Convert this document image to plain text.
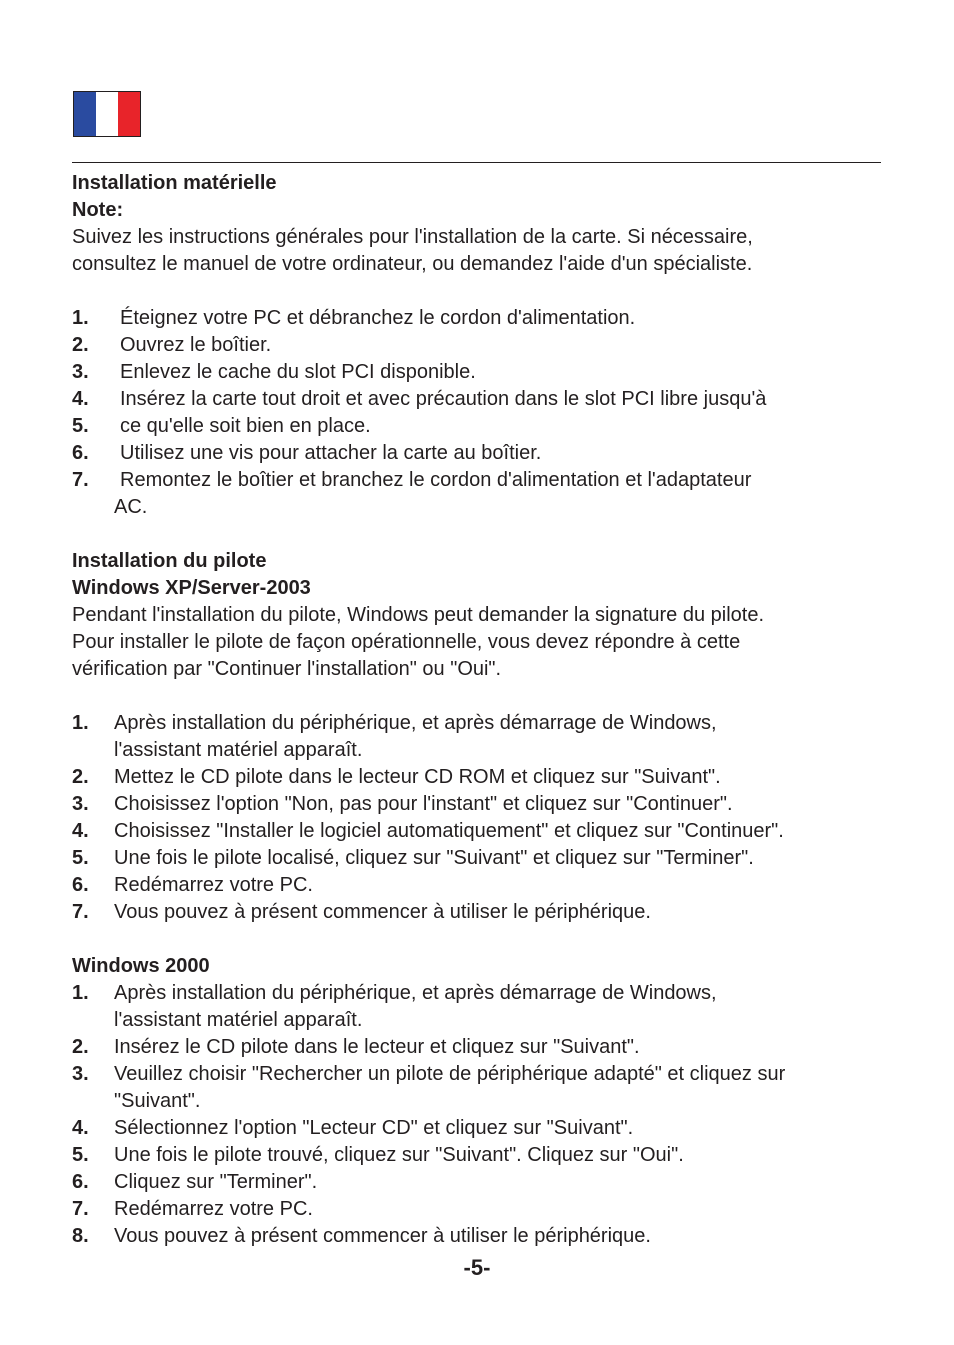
Installation matérielle
Note:
Suivez les instructions générales pour l'installation de la carte. Si nécessaire,
consultez le manuel de votre ordinateur, ou demandez l'aide d'un spécialiste.
1.	Éteignez votre PC et débranchez le cordon d'alimentation.
2.	Ouvrez le boîtier.
3.	Enlevez le cache du slot PCI disponible.
4.	Insérez la carte tout droit et avec précaution dans le slot PCI libre jusqu'à
5.	ce qu'elle soit bien en place.
6.	Utilisez une vis pour attacher la carte au boîtier.
7.	Remontez le boîtier et branchez le cordon d'alimentation et l'adaptateur
AC.
Installation du pilote
Windows XP/Server-2003
Pendant l'installation du pilote, Windows peut demander la signature du pilote.
Pour installer le pilote de façon opérationnelle, vous devez répondre à cette
vérification par "Continuer l'installation" ou "Oui".
1.	Après installation du périphérique, et après démarrage de Windows,
l'assistant matériel apparaît.
2.	Mettez le CD pilote dans le lecteur CD ROM et cliquez sur "Suivant".
3.	Choisissez l'option "Non, pas pour l'instant" et cliquez sur "Continuer".
4.	Choisissez "Installer le logiciel automatiquement" et cliquez sur "Continuer".
5.	Une fois le pilote localisé, cliquez sur "Suivant" et cliquez sur "Terminer".
6.	Redémarrez votre PC.
7.	Vous pouvez à présent commencer à utiliser le périphérique.
Windows 2000
1.	Après installation du périphérique, et après démarrage de Windows,
l'assistant matériel apparaît.
2.	Insérez le CD pilote dans le lecteur et cliquez sur "Suivant".
3.	Veuillez choisir "Rechercher un pilote de périphérique adapté" et cliquez sur
"Suivant".
4.	Sélectionnez l'option "Lecteur CD" et cliquez sur "Suivant".
5.	Une fois le pilote trouvé, cliquez sur "Suivant". Cliquez sur "Oui".
6.	Cliquez sur "Terminer".
7.	Redémarrez votre PC.
8.	Vous pouvez à présent commencer à utiliser le périphérique.
-5-
